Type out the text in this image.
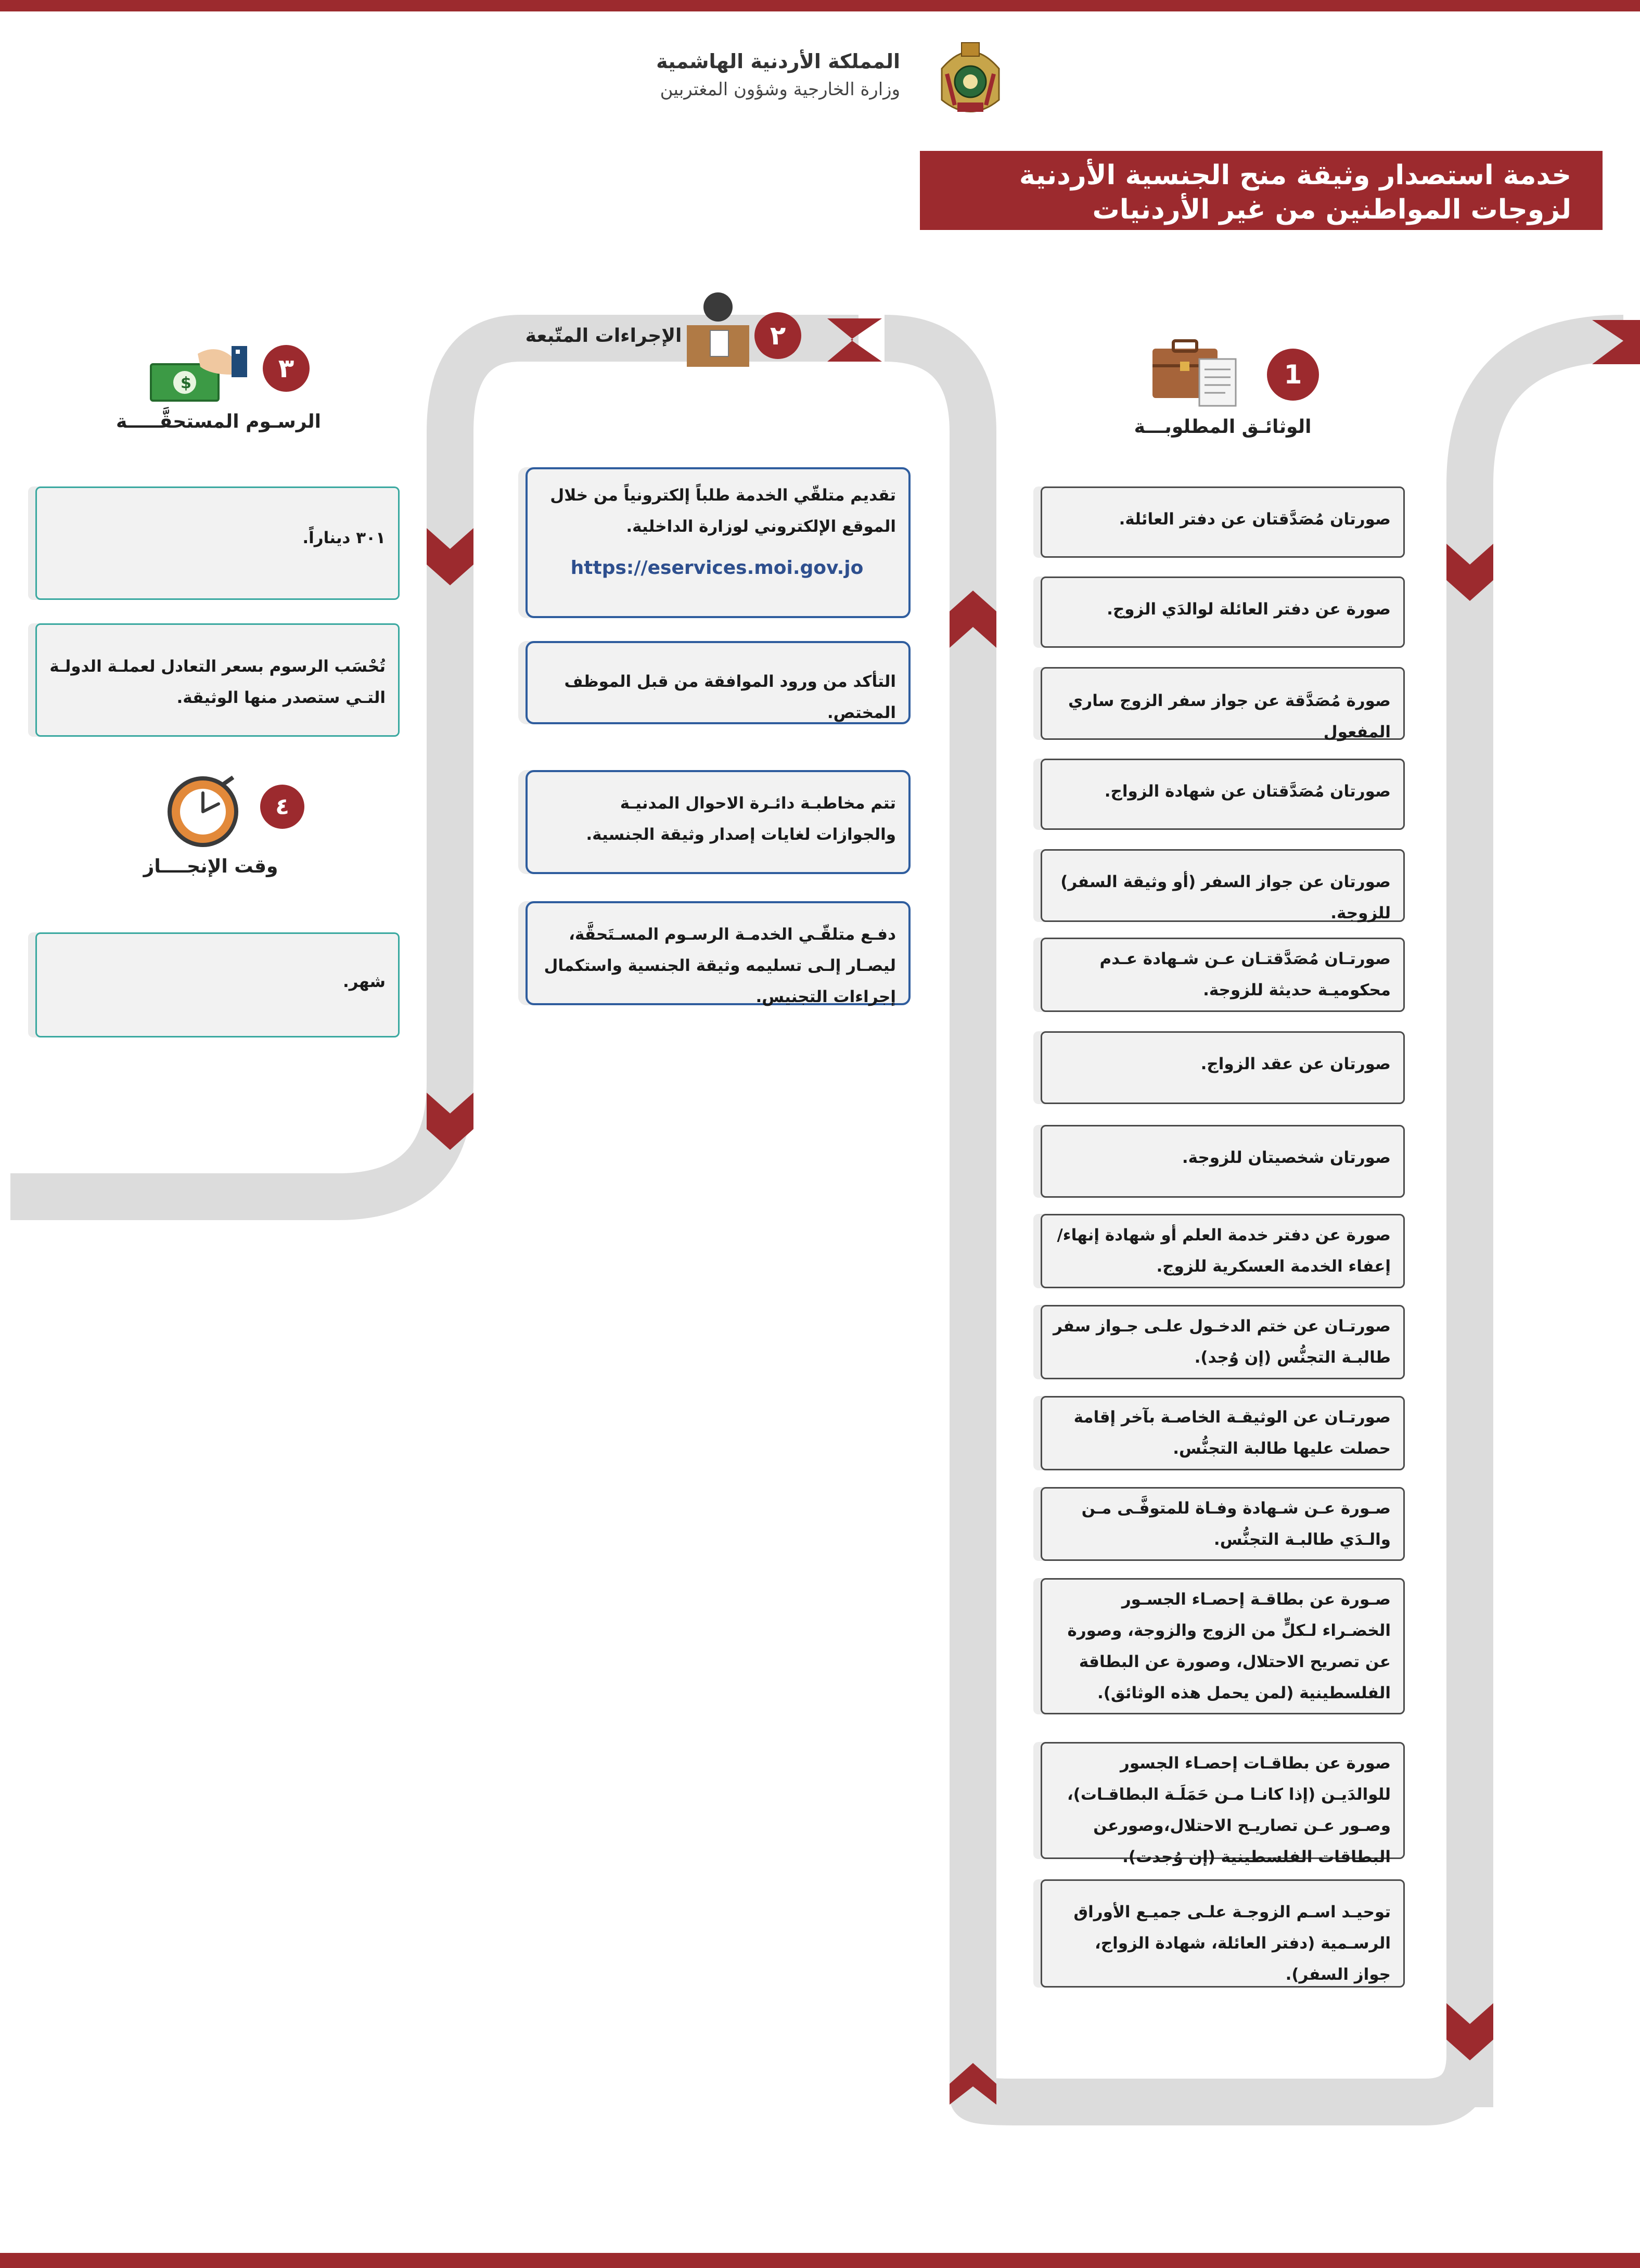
المملكة الأردنية الهاشمية
وزارة الخارجية وشؤون المغتربين
خدمة استصدار وثيقة منح الجنسية الأردنية لزوجات المواطنين من غير الأردنيات
1
الوثائـق المطلوبـــة
٢
الإجراءات المتّبعة
$	٣
الرسـوم المستحقَّـــــة
٤
وقت الإنجــــاز
صورتان مُصَدَّقتان عن دفتر العائلة.
صورة عن دفتر العائلة لوالدَي الزوج.
صورة مُصَدَّقة عن جواز سفر الزوج ساري المفعول
صورتان مُصَدَّقتان عن شهادة الزواج.
صورتان عن جواز السفر (أو وثيقة السفر) للزوجة.
صورتـان مُصَدَّقتـان عـن شـهادة عـدم محكوميـة حديثة للزوجة.
صورتان عن عقد الزواج.
صورتان شخصيتان للزوجة.
صورة عن دفتر خدمة العلم أو شهادة إنهاء/ إعفاء الخدمة العسكرية للزوج.
صورتـان عن ختم الدخـول علـى جـواز سفر طالبـة التجنُّس (إن وُجد).
صورتـان عن الوثيقـة الخاصـة بآخر إقامة حصلت عليها طالبة التجنُّس.
صـورة عـن شـهادة وفـاة للمتوفَّـى مـن والـدَي طالبـة التجنُّس.
صـورة عن بطاقـة إحصـاء الجسـور الخضـراء لـكلٍّ من الزوج والزوجة، وصورة عن تصريح الاحتلال، وصورة عن البطاقة الفلسطينية (لمن يحمل هذه الوثائق).
صورة عن بطاقـات إحصـاء الجسور للوالدَيـن (إذا كانـا مـن حَمَلَـة البطاقـات)، وصـور عـن تصاريـح الاحتلال،وصورعن البطاقات الفلسطينية (إن وُجدت).
توحيـد اسـم الزوجـة علـى جميـع الأوراق الرسـمية (دفتر العائلة، شهادة الزواج، جواز السفر).
تقديم متلقّي الخدمة طلباً إلكترونياً من خلال الموقع الإلكتروني لوزارة الداخلية.
https://eservices.moi.gov.jo
التأكد من ورود الموافقة من قبل الموظف المختص.
تتم مخاطبـة دائـرة الاحوال المدنيـة والجوازات لغايات إصدار وثيقة الجنسية.
دفـع متلقّـي الخدمـة الرسـوم المسـتَحقَّة، ليصـار إلـى تسليمه وثيقة الجنسية واستكمال إجراءات التجنيس.
٣٠١ ديناراً.
تُحْسَب الرسوم بسعر التعادل لعملـة الدولـة التـي ستصدر منها الوثيقة.
شهر.
